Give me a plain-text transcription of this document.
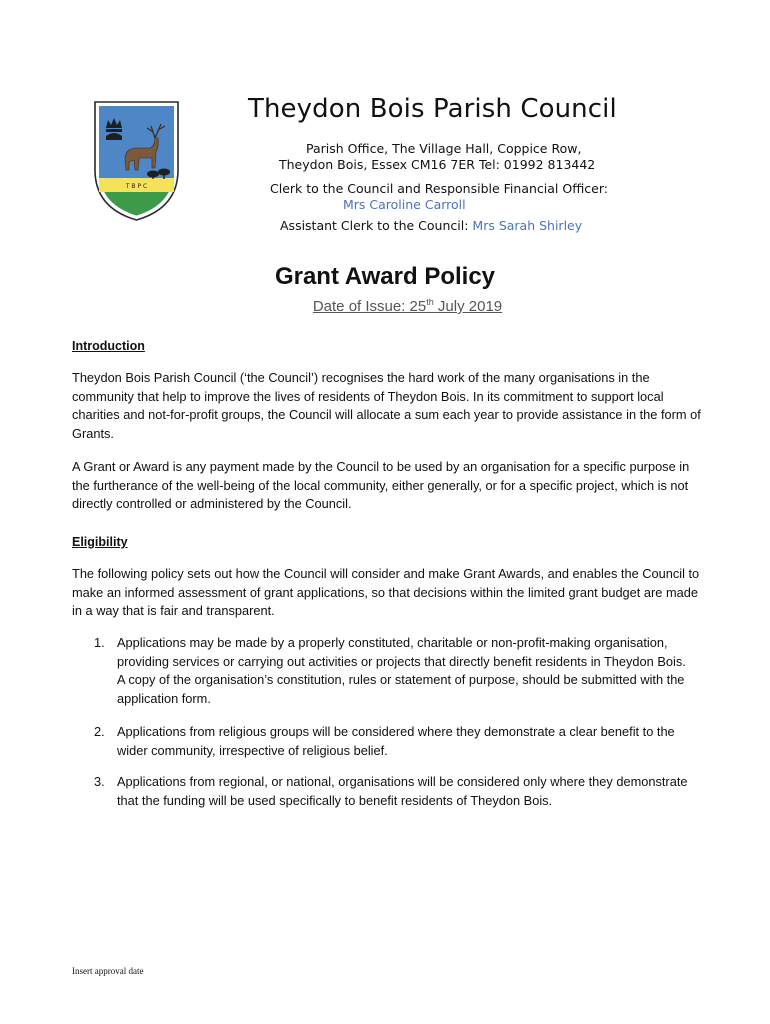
T B P C
Theydon Bois Parish Council
Parish Office, The Village Hall, Coppice Row,
Theydon Bois, Essex CM16 7ER Tel: 01992 813442
Clerk to the Council and Responsible Financial Officer:
Mrs Caroline Carroll
Assistant Clerk to the Council: Mrs Sarah Shirley
Grant Award Policy
Date of Issue: 25th July 2019
Introduction
Theydon Bois Parish Council (‘the Council’) recognises the hard work of the many organisations in the community that help to improve the lives of residents of Theydon Bois. In its commitment to support local charities and not-for-profit groups, the Council will allocate a sum each year to provide assistance in the form of Grants.
A Grant or Award is any payment made by the Council to be used by an organisation for a specific purpose in the furtherance of the well-being of the local community, either generally, or for a specific project, which is not directly controlled or administered by the Council.
Eligibility
The following policy sets out how the Council will consider and make Grant Awards, and enables the Council to make an informed assessment of grant applications, so that decisions within the limited grant budget are made in a way that is fair and transparent.
1. Applications may be made by a properly constituted, charitable or non-profit-making organisation, providing services or carrying out activities or projects that directly benefit residents in Theydon Bois. A copy of the organisation’s constitution, rules or statement of purpose, should be submitted with the application form.
2. Applications from religious groups will be considered where they demonstrate a clear benefit to the wider community, irrespective of religious belief.
3. Applications from regional, or national, organisations will be considered only where they demonstrate that the funding will be used specifically to benefit residents of Theydon Bois.
Insert approval date
